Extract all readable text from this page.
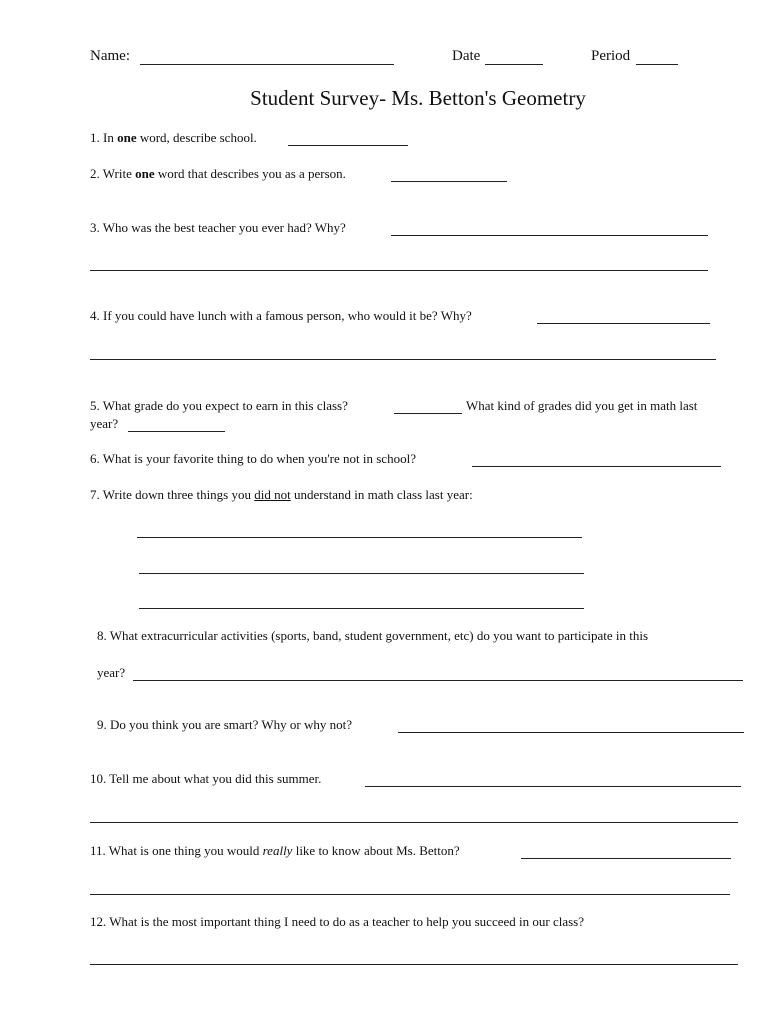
Name:	Date	Period
Student Survey- Ms. Betton's Geometry
1. In one word, describe school.
2. Write one word that describes you as a person.
3. Who was the best teacher you ever had? Why?
4. If you could have lunch with a famous person, who would it be? Why?
5. What grade do you expect to earn in this class?	What kind of grades did you get in math last
year?
6. What is your favorite thing to do when you're not in school?
7. Write down three things you did not understand in math class last year:
8. What extracurricular activities (sports, band, student government, etc) do you want to participate in this
year?
9. Do you think you are smart? Why or why not?
10. Tell me about what you did this summer.
11. What is one thing you would really like to know about Ms. Betton?
12. What is the most important thing I need to do as a teacher to help you succeed in our class?
